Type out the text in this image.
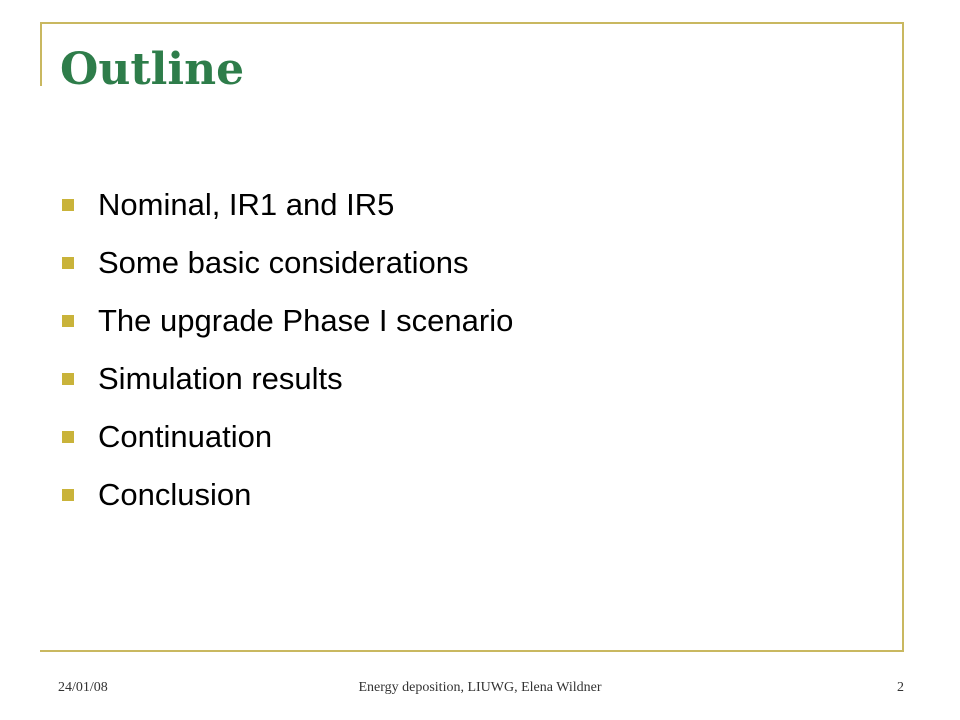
Outline
Nominal, IR1 and IR5
Some basic considerations
The upgrade Phase I scenario
Simulation results
Continuation
Conclusion
24/01/08	Energy deposition, LIUWG, Elena Wildner	2
